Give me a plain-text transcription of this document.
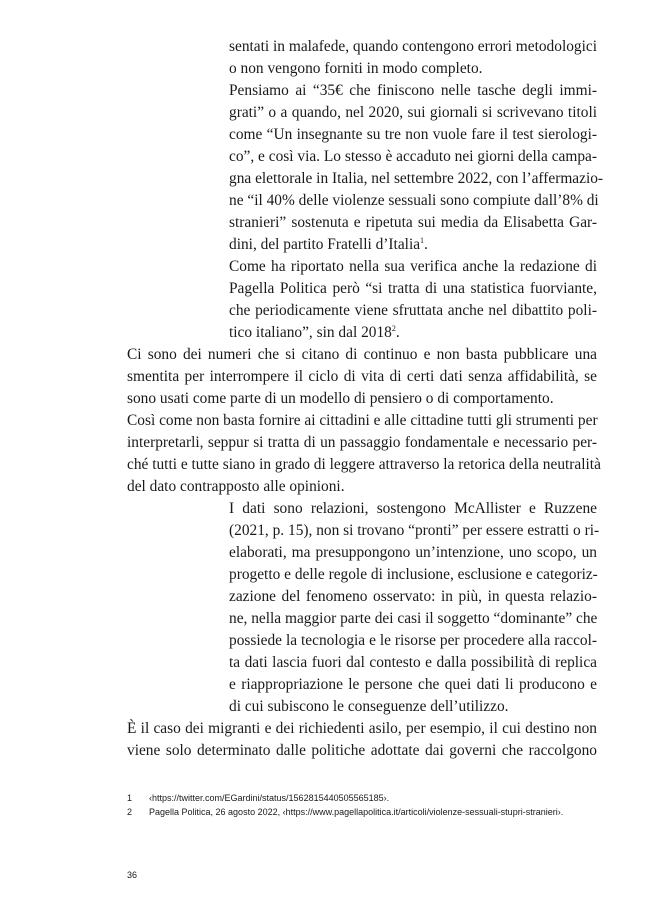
sentati in malafede, quando contengono errori metodologici
o non vengono forniti in modo completo.
Pensiamo ai “35€ che finiscono nelle tasche degli immi-
grati” o a quando, nel 2020, sui giornali si scrivevano titoli
come “Un insegnante su tre non vuole fare il test sierologi-
co”, e così via. Lo stesso è accaduto nei giorni della campa-
gna elettorale in Italia, nel settembre 2022, con l’affermazio-
ne “il 40% delle violenze sessuali sono compiute dall’8% di
stranieri” sostenuta e ripetuta sui media da Elisabetta Gar-
dini, del partito Fratelli d’Italia$^1$.
Come ha riportato nella sua verifica anche la redazione di
Pagella Politica però “si tratta di una statistica fuorviante,
che periodicamente viene sfruttata anche nel dibattito poli-
tico italiano”, sin dal 2018$^2$.
Ci sono dei numeri che si citano di continuo e non basta pubblicare una
smentita per interrompere il ciclo di vita di certi dati senza affidabilità, se
sono usati come parte di un modello di pensiero o di comportamento.
Così come non basta fornire ai cittadini e alle cittadine tutti gli strumenti per
interpretarli, seppur si tratta di un passaggio fondamentale e necessario per-
ché tutti e tutte siano in grado di leggere attraverso la retorica della neutralità
del dato contrapposto alle opinioni.
I dati sono relazioni, sostengono McAllister e Ruzzene
(2021, p. 15), non si trovano “pronti” per essere estratti o ri-
elaborati, ma presuppongono un’intenzione, uno scopo, un
progetto e delle regole di inclusione, esclusione e categoriz-
zazione del fenomeno osservato: in più, in questa relazio-
ne, nella maggior parte dei casi il soggetto “dominante” che
possiede la tecnologia e le risorse per procedere alla raccol-
ta dati lascia fuori dal contesto e dalla possibilità di replica
e riappropriazione le persone che quei dati li producono e
di cui subiscono le conseguenze dell’utilizzo.
È il caso dei migranti e dei richiedenti asilo, per esempio, il cui destino non
viene solo determinato dalle politiche adottate dai governi che raccolgono
1 ‹https://twitter.com/EGardini/status/1562815440505565185›.
2 Pagella Politica, 26 agosto 2022, ‹https://www.pagellapolitica.it/articoli/violenze-sessuali-stupri-stranieri›.
36
